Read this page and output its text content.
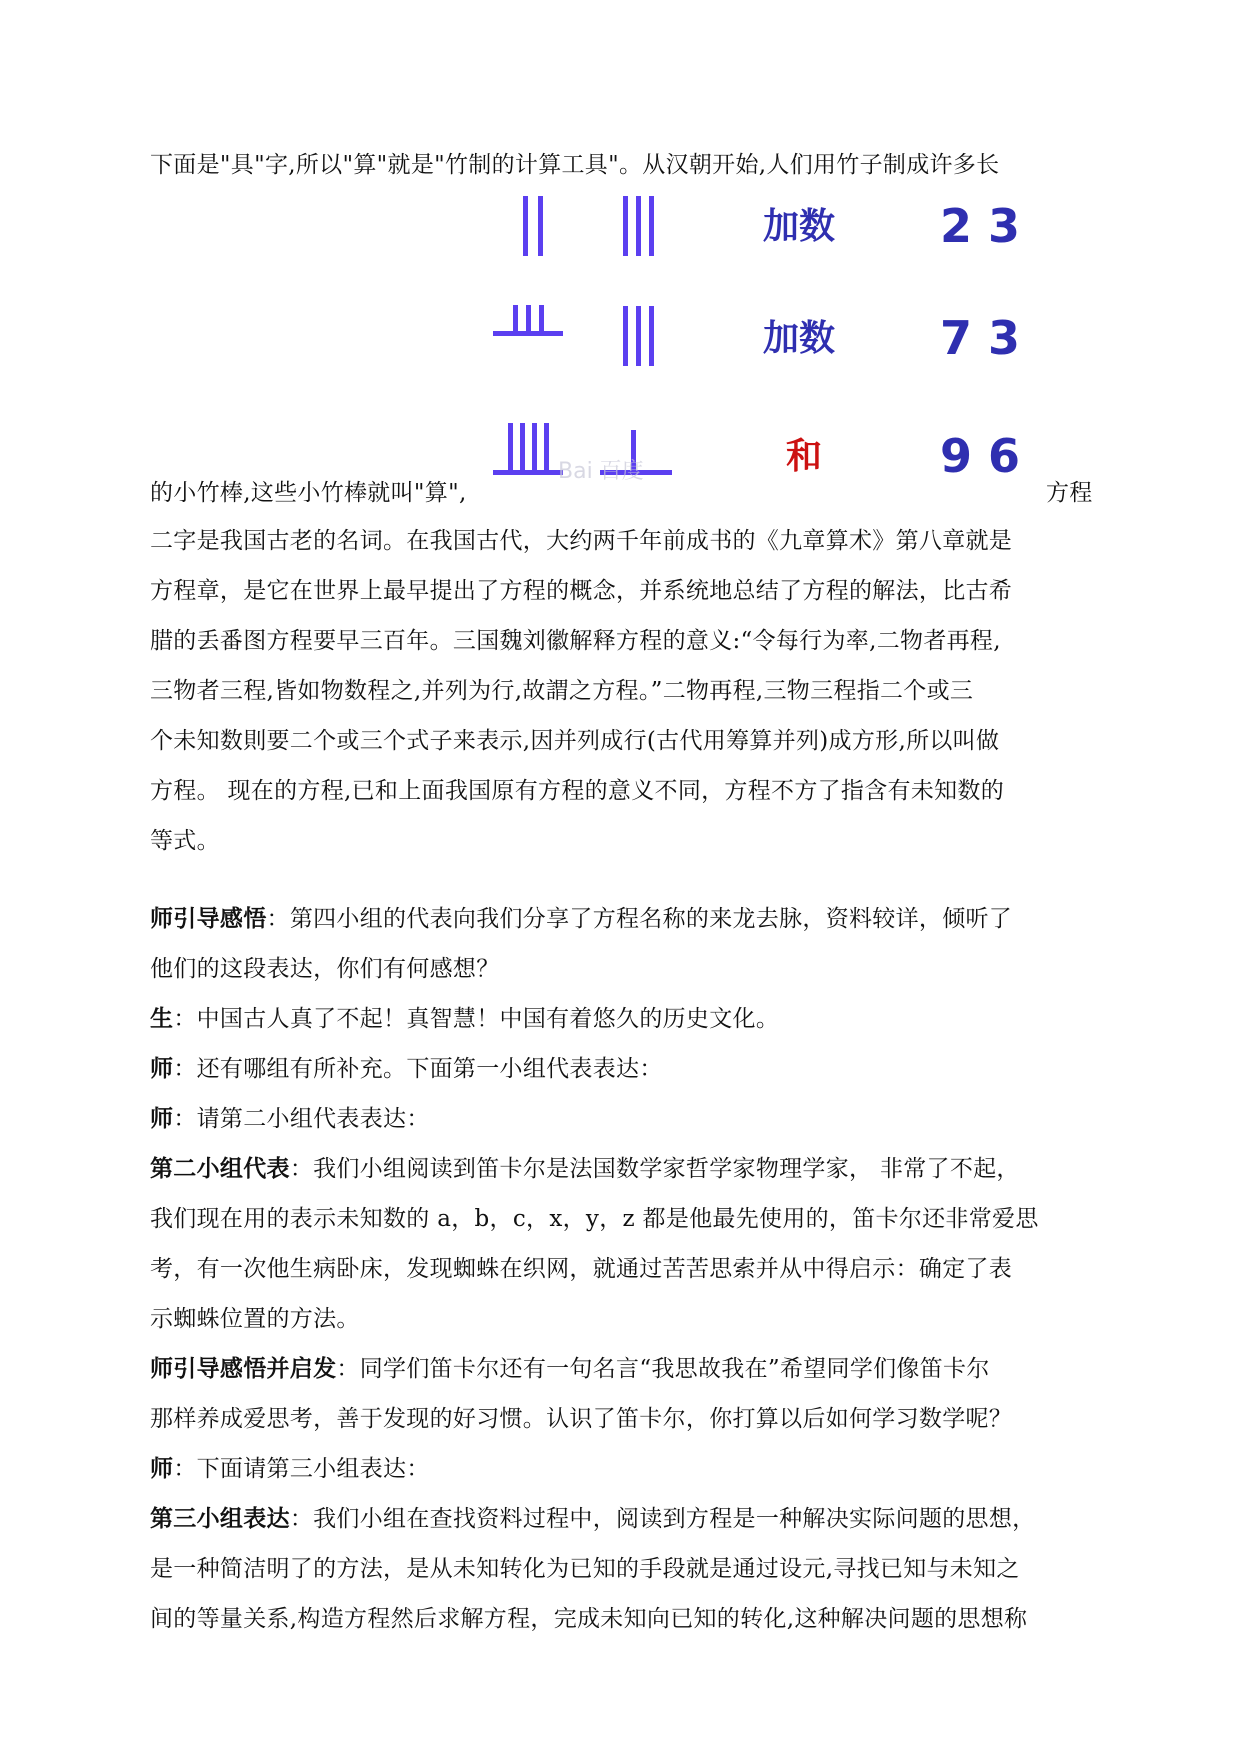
下面是"具"字,所以"算"就是"竹制的计算工具"。从汉朝开始,人们用竹子制成许多长
Bai 百度
加数 2 3
加数 7 3
和	9 6
的小竹棒,这些小竹棒就叫"算",	方程
二字是我国古老的名词。在我国古代，大约两千年前成书的《九章算术》第八章就是
方程章，是它在世界上最早提出了方程的概念，并系统地总结了方程的解法，比古希
腊的丢番图方程要早三百年。三国魏刘徽解释方程的意义:“令每行为率,二物者再程,
三物者三程,皆如物数程之,并列为行,故謂之方程。”二物再程,三物三程指二个或三
个未知数則要二个或三个式子来表示,因并列成行(古代用筹算并列)成方形,所以叫做
方程。 现在的方程,已和上面我国原有方程的意义不同，方程不方了指含有未知数的
等式。
师引导感悟：第四小组的代表向我们分享了方程名称的来龙去脉，资料较详，倾听了
他们的这段表达，你们有何感想？
生：中国古人真了不起！真智慧！中国有着悠久的历史文化。
师：还有哪组有所补充。下面第一小组代表表达：
师：请第二小组代表表达：
第二小组代表：我们小组阅读到笛卡尔是法国数学家哲学家物理学家， 非常了不起，
我们现在用的表示未知数的 a，b，c，x，y，z 都是他最先使用的，笛卡尔还非常爱思
考，有一次他生病卧床，发现蜘蛛在织网，就通过苦苦思索并从中得启示：确定了表
示蜘蛛位置的方法。
师引导感悟并启发：同学们笛卡尔还有一句名言“我思故我在”希望同学们像笛卡尔
那样养成爱思考，善于发现的好习惯。认识了笛卡尔，你打算以后如何学习数学呢？
师：下面请第三小组表达：
第三小组表达：我们小组在查找资料过程中，阅读到方程是一种解决实际问题的思想，
是一种简洁明了的方法，是从未知转化为已知的手段就是通过设元,寻找已知与未知之
间的等量关系,构造方程然后求解方程，完成未知向已知的转化,这种解决问题的思想称
